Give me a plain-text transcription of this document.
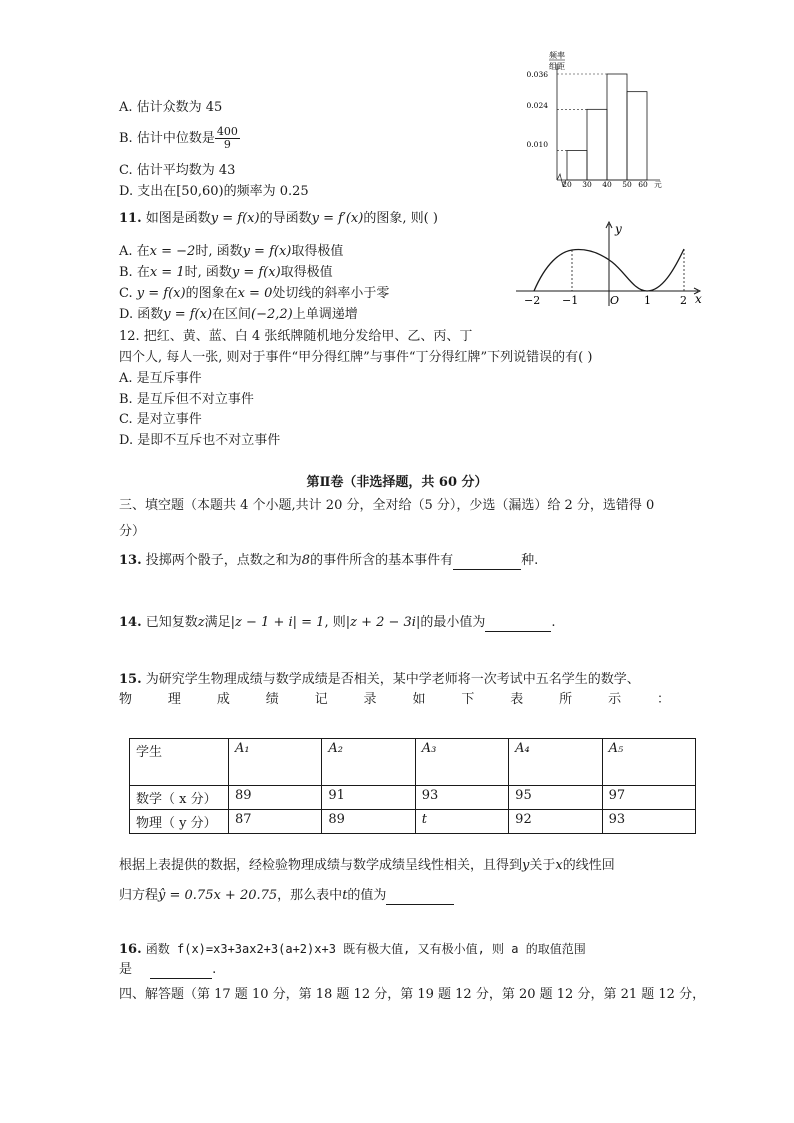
A. 估计众数为 45
B. 估计中位数是 $\frac{400}{9}$
C. 估计平均数为 43
D. 支出在[50,60)的频率为 0.25
频率
组距
0.036
0.024
0.010
20 30 40 50 60 元
11. 如图是函数y = f(x)的导函数y = f′(x)的图象, 则( )
A. 在x = −2时, 函数y = f(x)取得极值
B. 在x = 1时, 函数y = f(x)取得极值
C. y = f(x)的图象在x = 0处切线的斜率小于零
D. 函数y = f(x)在区间(−2,2)上单调递增
y
x
−2 −1	O 1	2
12. 把红、黄、蓝、白 4 张纸牌随机地分发给甲、乙、丙、丁
四个人, 每人一张, 则对于事件“甲分得红牌”与事件“丁分得红牌”下列说错误的有( )
A. 是互斥事件
B. 是互斥但不对立事件
C. 是对立事件
D. 是即不互斥也不对立事件
第Ⅱ卷（非选择题，共 60 分）
三、填空题（本题共 4 个小题,共计 20 分，全对给（5 分），少选（漏选）给 2 分，选错得 0
分）
13. 投掷两个骰子，点数之和为8的事件所含的基本事件有	种.
14. 已知复数z满足|z − 1 + i| = 1, 则|z + 2 − 3i|的最小值为	.
15. 为研究学生物理成绩与数学成绩是否相关，某中学老师将一次考试中五名学生的数学、
物	理	成	绩	记	录	如	下	表	所	示	：
学生	A₁	A₂	A₃	A₄	A₅
数学（ x 分）	89	91	93	95	97
物理（ y 分）	87	89	t	92	93
根据上表提供的数据，经检验物理成绩与数学成绩呈线性相关，且得到y关于x的线性回
归方程ŷ = 0.75x + 20.75，那么表中t的值为
16. 函数 f(x)=x3+3ax2+3(a+2)x+3 既有极大值, 又有极小值, 则 a 的取值范围
是	.
四、解答题（第 17 题 10 分，第 18 题 12 分，第 19 题 12 分，第 20 题 12 分，第 21 题 12 分，
